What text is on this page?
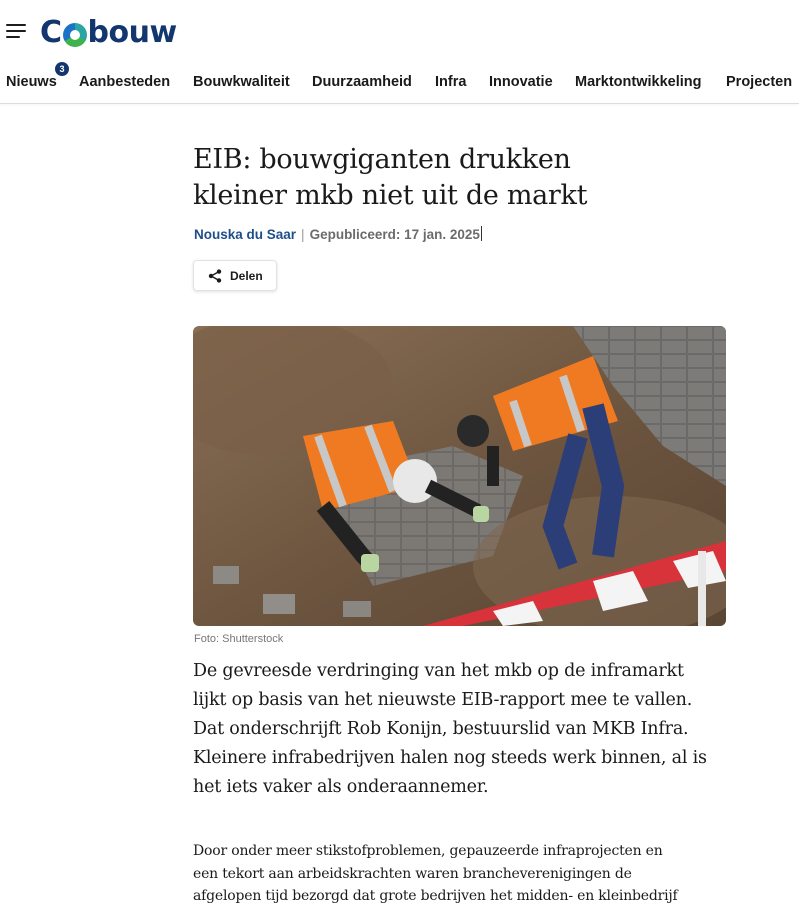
C bouw
Nieuws Aanbesteden Bouwkwaliteit Duurzaamheid Infra Innovatie Marktontwikkeling Projecten
3
EIB: bouwgiganten drukken
kleiner mkb niet uit de markt
Nouska du Saar | Gepubliceerd: 17 jan. 2025
Delen
Foto: Shutterstock

De gevreesde verdringing van het mkb op de inframarkt

lijkt op basis van het nieuwste EIB-rapport mee te vallen.

Dat onderschrijft Rob Konijn, bestuurslid van MKB Infra.

Kleinere infrabedrijven halen nog steeds werk binnen, al is

het iets vaker als onderaannemer.

Door onder meer stikstofproblemen, gepauzeerde infraprojecten en

een tekort aan arbeidskrachten waren brancheverenigingen de

afgelopen tijd bezorgd dat grote bedrijven het midden- en kleinbedrijf
